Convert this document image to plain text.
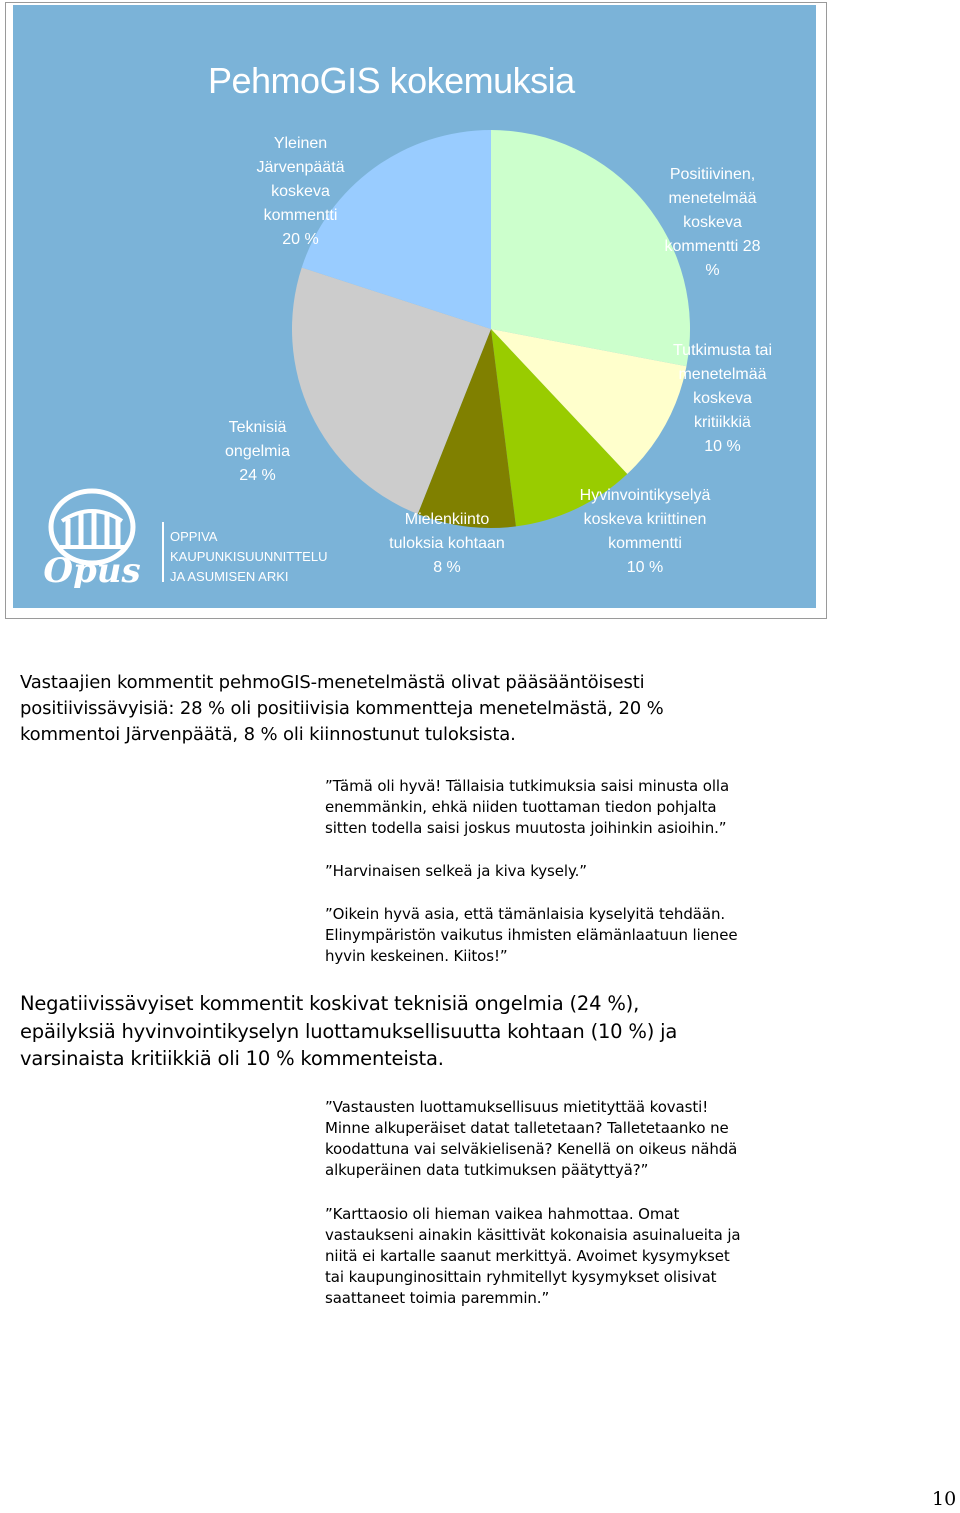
PehmoGIS kokemuksia
Yleinen
Järvenpäätä
koskeva
kommentti
20 %
Positiivinen,
menetelmää
koskeva
kommentti 28
%
Tutkimusta tai
menetelmää
koskeva
kritiikkiä
10 %
Hyvinvointikyselyä
koskeva kriittinen
kommentti
10 %
Mielenkiinto
tuloksia kohtaan
8 %
Teknisiä
ongelmia
24 %
Opus
OPPIVA
KAUPUNKISUUNNITTELU
JA ASUMISEN ARKI
Vastaajien kommentit pehmoGIS-menetelmästä olivat pääsääntöisesti
positiivissävyisiä: 28 % oli positiivisia kommentteja menetelmästä, 20 %
kommentoi Järvenpäätä, 8 % oli kiinnostunut tuloksista.
”Tämä oli hyvä! Tällaisia tutkimuksia saisi minusta olla
enemmänkin, ehkä niiden tuottaman tiedon pohjalta
sitten todella saisi joskus muutosta joihinkin asioihin.”
”Harvinaisen selkeä ja kiva kysely.”
”Oikein hyvä asia, että tämänlaisia kyselyitä tehdään.
Elinympäristön vaikutus ihmisten elämänlaatuun lienee
hyvin keskeinen. Kiitos!”
Negatiivissävyiset kommentit koskivat teknisiä ongelmia (24 %),
epäilyksiä hyvinvointikyselyn luottamuksellisuutta kohtaan (10 %) ja
varsinaista kritiikkiä oli 10 % kommenteista.
”Vastausten luottamuksellisuus mietityttää kovasti!
Minne alkuperäiset datat talletetaan? Talletetaanko ne
koodattuna vai selväkielisenä? Kenellä on oikeus nähdä
alkuperäinen data tutkimuksen päätyttyä?”
”Karttaosio oli hieman vaikea hahmottaa. Omat
vastaukseni ainakin käsittivät kokonaisia asuinalueita ja
niitä ei kartalle saanut merkittyä. Avoimet kysymykset
tai kaupunginosittain ryhmitellyt kysymykset olisivat
saattaneet toimia paremmin.”
10
